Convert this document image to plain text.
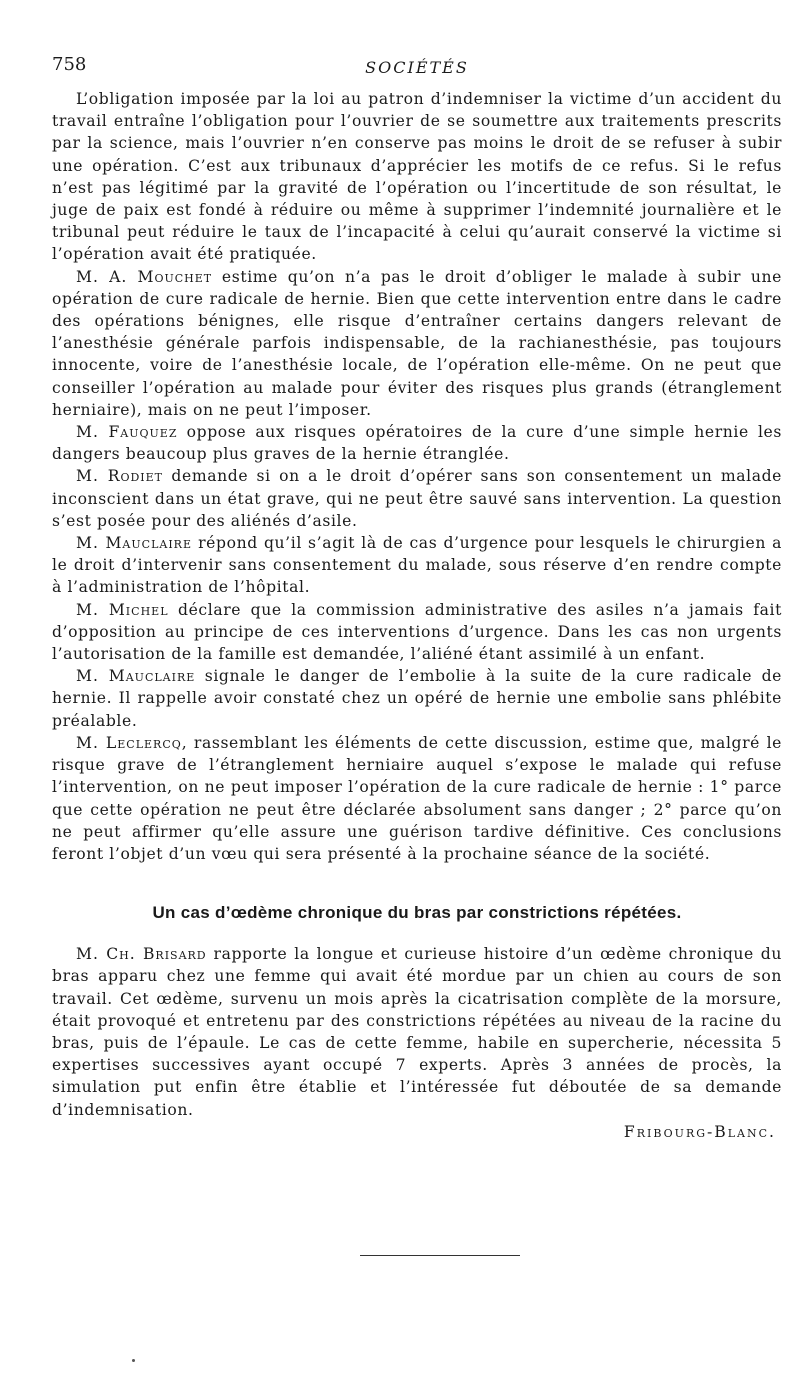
758	SOCIÉTÉS

L’obligation imposée par la loi au patron d’indemniser la victime d’un accident du travail entraîne l’obligation pour l’ouvrier de se soumettre aux traitements prescrits par la science, mais l’ouvrier n’en conserve pas moins le droit de se refuser à subir une opération. C’est aux tribunaux d’apprécier les motifs de ce refus. Si le refus n’est pas légitimé par la gravité de l’opération ou l’incertitude de son résultat, le juge de paix est fondé à réduire ou même à supprimer l’indemnité journalière et le tribunal peut réduire le taux de l’incapacité à celui qu’aurait conservé la victime si l’opération avait été pratiquée.

M. A. Mouchet estime qu’on n’a pas le droit d’obliger le malade à subir une opération de cure radicale de hernie. Bien que cette intervention entre dans le cadre des opérations bénignes, elle risque d’entraîner certains dangers relevant de l’anesthésie générale parfois indispensable, de la rachianesthésie, pas toujours innocente, voire de l’anesthésie locale, de l’opération elle-même. On ne peut que conseiller l’opération au malade pour éviter des risques plus grands (étranglement herniaire), mais on ne peut l’imposer.

M. Fauquez oppose aux risques opératoires de la cure d’une simple hernie les dangers beaucoup plus graves de la hernie étranglée.

M. Rodiet demande si on a le droit d’opérer sans son consentement un malade inconscient dans un état grave, qui ne peut être sauvé sans intervention. La question s’est posée pour des aliénés d’asile.

M. Mauclaire répond qu’il s’agit là de cas d’urgence pour lesquels le chirurgien a le droit d’intervenir sans consentement du malade, sous réserve d’en rendre compte à l’administration de l’hôpital.

M. Michel déclare que la commission administrative des asiles n’a jamais fait d’opposition au principe de ces interventions d’urgence. Dans les cas non urgents l’autorisation de la famille est demandée, l’aliéné étant assimilé à un enfant.

M. Mauclaire signale le danger de l’embolie à la suite de la cure radicale de hernie. Il rappelle avoir constaté chez un opéré de hernie une embolie sans phlébite préalable.

M. Leclercq, rassemblant les éléments de cette discussion, estime que, malgré le risque grave de l’étranglement herniaire auquel s’expose le malade qui refuse l’intervention, on ne peut imposer l’opération de la cure radicale de hernie : 1° parce que cette opération ne peut être déclarée absolument sans danger ; 2° parce qu’on ne peut affirmer qu’elle assure une guérison tardive définitive. Ces conclusions feront l’objet d’un vœu qui sera présenté à la prochaine séance de la société.

Un cas d’œdème chronique du bras par constrictions répétées.

M. Ch. Brisard rapporte la longue et curieuse histoire d’un œdème chronique du bras apparu chez une femme qui avait été mordue par un chien au cours de son travail. Cet œdème, survenu un mois après la cicatrisation complète de la morsure, était provoqué et entretenu par des constrictions répétées au niveau de la racine du bras, puis de l’épaule. Le cas de cette femme, habile en supercherie, nécessita 5 expertises successives ayant occupé 7 experts. Après 3 années de procès, la simulation put enfin être établie et l’intéressée fut déboutée de sa demande d’indemnisation.

Fribourg-Blanc.
